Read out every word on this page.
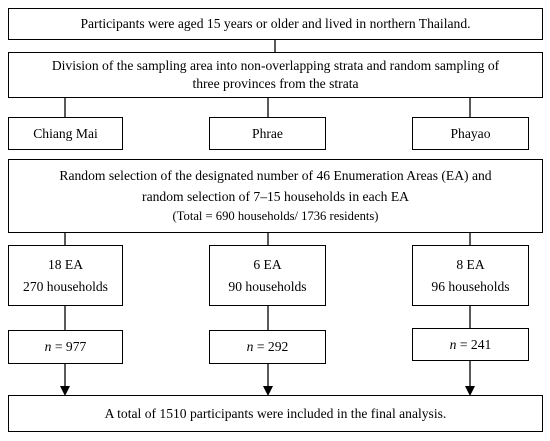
Participants were aged 15 years or older and lived in northern Thailand.
Division of the sampling area into non-overlapping strata and random sampling of
three provinces from the strata
Chiang Mai	Phrae	Phayao
Random selection of the designated number of 46 Enumeration Areas (EA) and
random selection of 7–15 households in each EA
(Total = 690 households/ 1736 residents)
18 EA
270 households
6 EA
90 households
8 EA
96 households
n
= 977	n
= 292	n
= 241
A total of 1510 participants were included in the final analysis.
